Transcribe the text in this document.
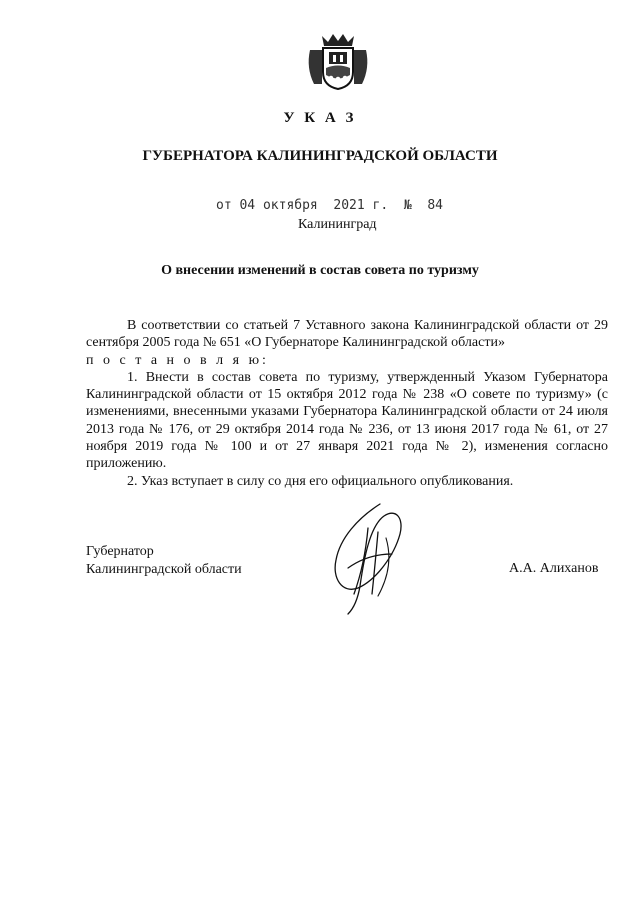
У К А З
ГУБЕРНАТОРА КАЛИНИНГРАДСКОЙ ОБЛАСТИ
от 04 октября  2021 г.  №  84
Калининград
О внесении изменений в состав совета по туризму

В соответствии со статьей 7 Уставного закона Калининградской области от 29 сентября 2005 года № 651 «О Губернаторе Калининградской области»

п о с т а н о в л я ю:

1. Внести в состав совета по туризму, утвержденный Указом Губернатора Калининградской области от 15 октября 2012 года № 238 «О совете по туризму» (с изменениями, внесенными указами Губернатора Калининградской области от 24 июля 2013 года № 176, от 29 октября 2014 года № 236, от 13 июня 2017 года № 61, от 27 ноября 2019 года № 100 и от 27 января 2021 года № 2), изменения согласно приложению.

2. Указ вступает в силу со дня его официального опубликования.

Губернатор
Калининградской области	А.А. Алиханов
